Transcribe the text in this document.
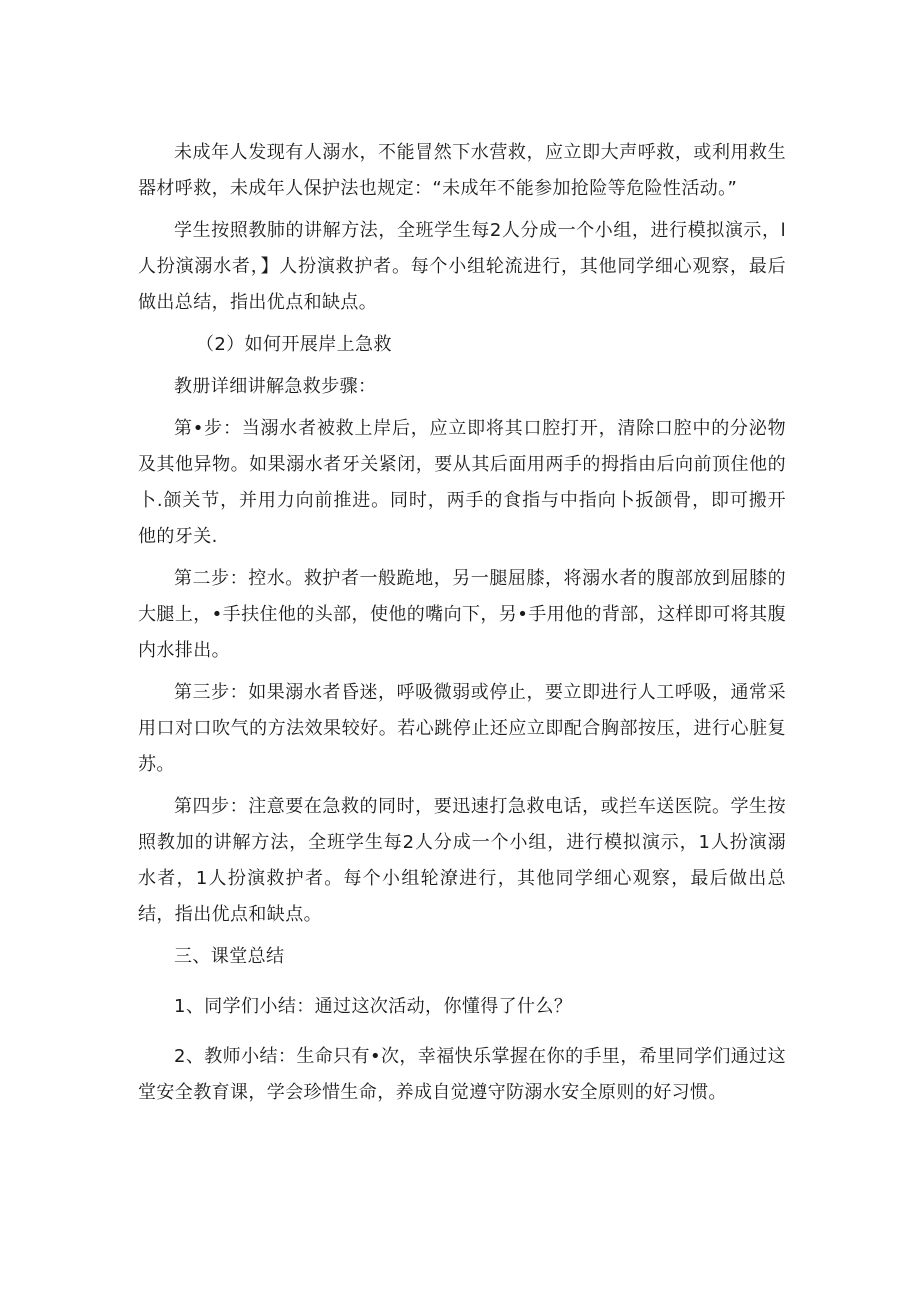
未成年人发现有人溺水，不能冒然下水营救，应立即大声呼救，或利用救生器材呼救，未成年人保护法也规定：“未成年不能参加抢险等危险性活动。”

学生按照教肺的讲解方法，全班学生每2人分成一个小组，进行模拟演示，l人扮演溺水者，】人扮演救护者。每个小组轮流进行，其他同学细心观察，最后做出总结，指出优点和缺点。

（2）如何开展岸上急救

教册详细讲解急救步骤：

第•步：当溺水者被救上岸后，应立即将其口腔打开，清除口腔中的分泌物及其他异物。如果溺水者牙关紧闭，要从其后面用两手的拇指由后向前顶住他的卜.颌关节，并用力向前推进。同时，两手的食指与中指向卜扳颌骨，即可搬开他的牙关.

第二步：控水。救护者一般跪地，另一腿屈膝，将溺水者的腹部放到屈膝的大腿上，•手扶住他的头部，使他的嘴向下，另•手用他的背部，这样即可将其腹内水排出。

第三步：如果溺水者昏迷，呼吸微弱或停止，要立即进行人工呼吸，通常采用口对口吹气的方法效果较好。若心跳停止还应立即配合胸部按压，进行心脏复苏。

第四步：注意要在急救的同时，要迅速打急救电话，或拦车送医院。学生按照教加的讲解方法，全班学生每2人分成一个小组，进行模拟演示，1人扮演溺水者，1人扮演救护者。每个小组轮潦进行，其他同学细心观察，最后做出总结，指出优点和缺点。

三、课堂总结

1、同学们小结：通过这次活动，你懂得了什么？

2、教师小结：生命只有•次，幸福快乐掌握在你的手里，希里同学们通过这堂安全教育课，学会珍惜生命，养成自觉遵守防溺水安全原则的好习惯。
